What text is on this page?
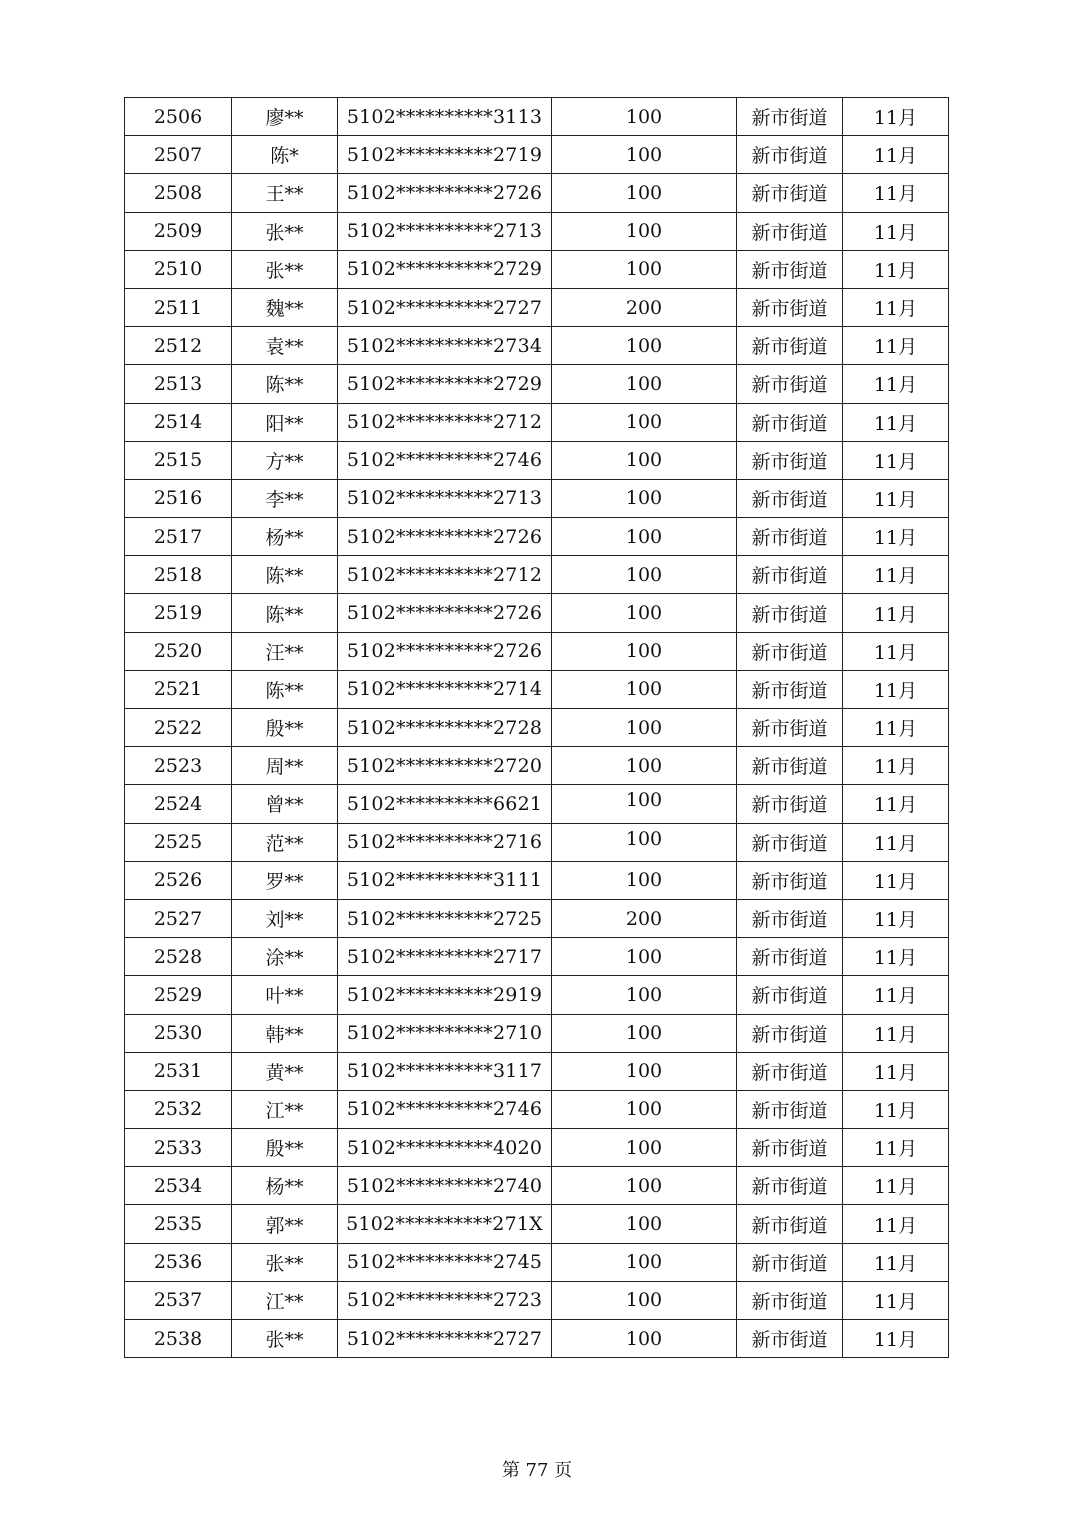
2506	廖**	5102**********3113	100	新市街道	11月
2507	陈*	5102**********2719	100	新市街道	11月
2508	王**	5102**********2726	100	新市街道	11月
2509	张**	5102**********2713	100	新市街道	11月
2510	张**	5102**********2729	100	新市街道	11月
2511	魏**	5102**********2727	200	新市街道	11月
2512	袁**	5102**********2734	100	新市街道	11月
2513	陈**	5102**********2729	100	新市街道	11月
2514	阳**	5102**********2712	100	新市街道	11月
2515	方**	5102**********2746	100	新市街道	11月
2516	李**	5102**********2713	100	新市街道	11月
2517	杨**	5102**********2726	100	新市街道	11月
2518	陈**	5102**********2712	100	新市街道	11月
2519	陈**	5102**********2726	100	新市街道	11月
2520	汪**	5102**********2726	100	新市街道	11月
2521	陈**	5102**********2714	100	新市街道	11月
2522	殷**	5102**********2728	100	新市街道	11月
2523	周**	5102**********2720	100	新市街道	11月
2524	曾**	5102**********6621	100	新市街道	11月
2525	范**	5102**********2716	100	新市街道	11月
2526	罗**	5102**********3111	100	新市街道	11月
2527	刘**	5102**********2725	200	新市街道	11月
2528	涂**	5102**********2717	100	新市街道	11月
2529	叶**	5102**********2919	100	新市街道	11月
2530	韩**	5102**********2710	100	新市街道	11月
2531	黄**	5102**********3117	100	新市街道	11月
2532	江**	5102**********2746	100	新市街道	11月
2533	殷**	5102**********4020	100	新市街道	11月
2534	杨**	5102**********2740	100	新市街道	11月
2535	郭**	5102**********271X	100	新市街道	11月
2536	张**	5102**********2745	100	新市街道	11月
2537	江**	5102**********2723	100	新市街道	11月
2538	张**	5102**********2727	100	新市街道	11月
第 77 页
